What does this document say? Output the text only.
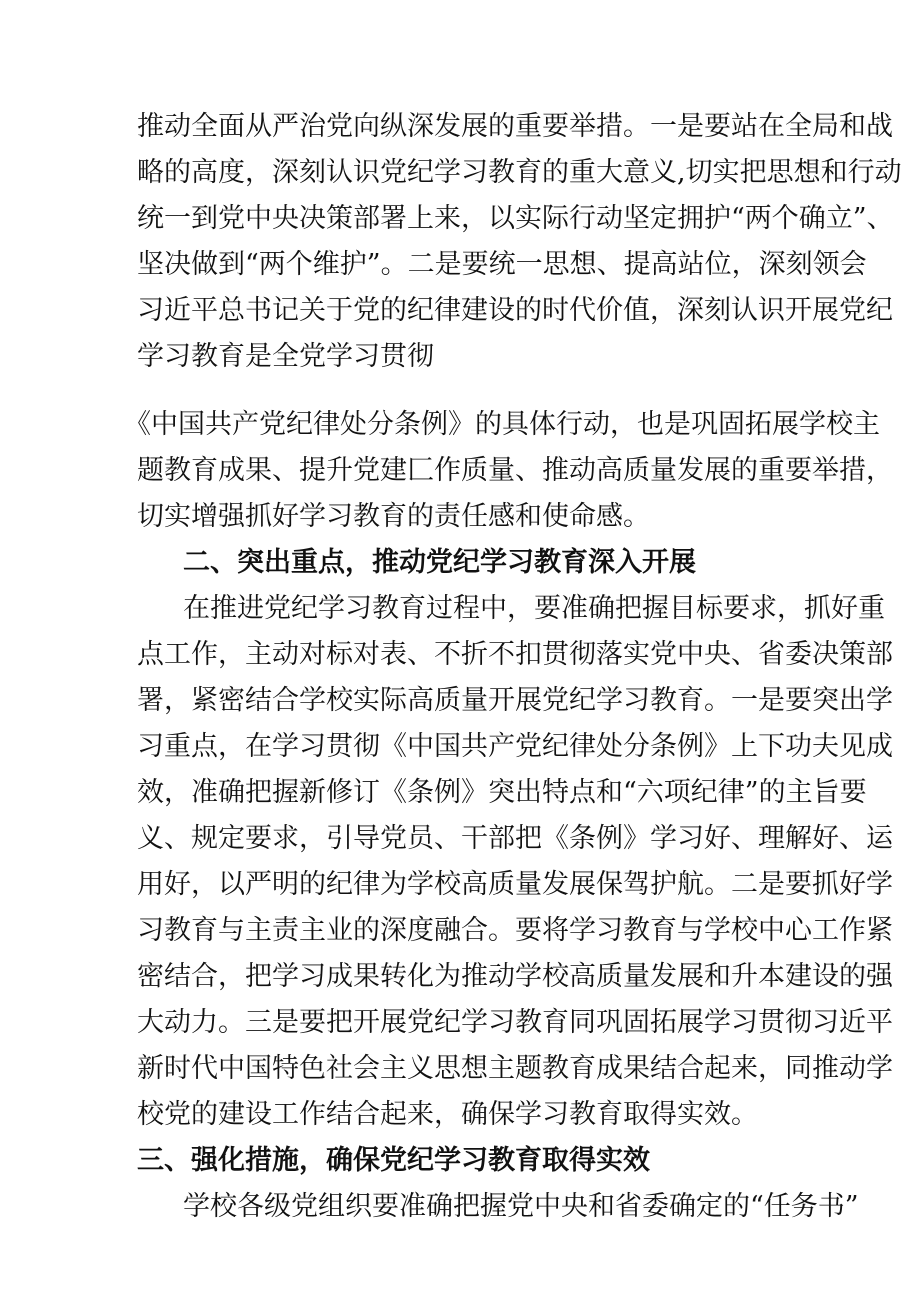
推动全面从严治党向纵深发展的重要举措。一是要站在全局和战
略的高度，深刻认识党纪学习教育的重大意义,切实把思想和行动
统一到党中央决策部署上来，以实际行动坚定拥护“两个确立”、
坚决做到“两个维护”。二是要统一思想、提高站位，深刻领会
习近平总书记关于党的纪律建设的时代价值，深刻认识开展党纪
学习教育是全党学习贯彻
《中国共产党纪律处分条例》的具体行动，也是巩固拓展学校主
题教育成果、提升党建匚作质量、推动高质量发展的重要举措，
切实增强抓好学习教育的责任感和使命感。
二、突出重点，推动党纪学习教育深入开展
在推进党纪学习教育过程中，要准确把握目标要求，抓好重
点工作，主动对标对表、不折不扣贯彻落实党中央、省委决策部
署，紧密结合学校实际高质量开展党纪学习教育。一是要突出学
习重点，在学习贯彻《中国共产党纪律处分条例》上下功夫见成
效，准确把握新修订《条例》突出特点和“六项纪律”的主旨要
义、规定要求，引导党员、干部把《条例》学习好、理解好、运
用好，以严明的纪律为学校高质量发展保驾护航。二是要抓好学
习教育与主责主业的深度融合。要将学习教育与学校中心工作紧
密结合，把学习成果转化为推动学校高质量发展和升本建设的强
大动力。三是要把开展党纪学习教育同巩固拓展学习贯彻习近平
新时代中国特色社会主义思想主题教育成果结合起来，同推动学
校党的建设工作结合起来，确保学习教育取得实效。
三、强化措施，确保党纪学习教育取得实效
学校各级党组织要准确把握党中央和省委确定的“任务书”
